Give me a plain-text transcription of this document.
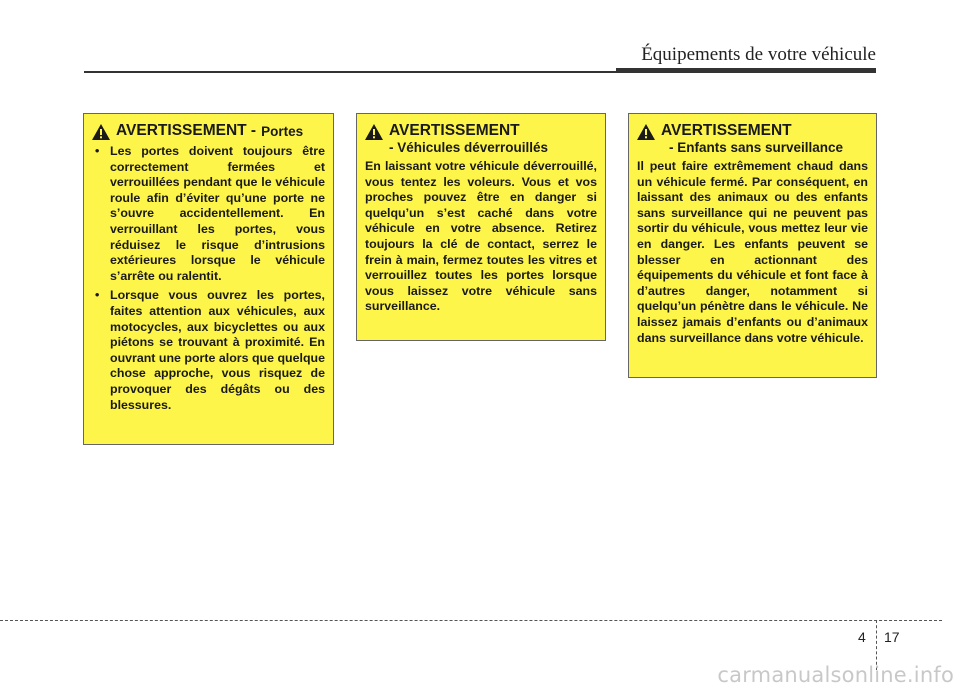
Équipements de votre véhicule
AVERTISSEMENT - Portes
• Les portes doivent toujours être correctement fermées et verrouillées pendant que le véhicule roule afin d’éviter qu’une porte ne s’ouvre accidentellement. En verrouillant les portes, vous réduisez le risque d’intrusions extérieures lorsque le véhicule s’arrête ou ralentit.
• Lorsque vous ouvrez les portes, faites attention aux véhicules, aux motocycles, aux bicyclettes ou aux piétons se trouvant à proximité. En ouvrant une porte alors que quelque chose approche, vous risquez de provoquer des dégâts ou des blessures.
AVERTISSEMENT
- Véhicules déverrouillés
En laissant votre véhicule déverrouillé, vous tentez les voleurs. Vous et vos proches pouvez être en danger si quelqu’un s’est caché dans votre véhicule en votre absence. Retirez toujours la clé de contact, serrez le frein à main, fermez toutes les vitres et verrouillez toutes les portes lorsque vous laissez votre véhicule sans surveillance.
AVERTISSEMENT
- Enfants sans surveillance
Il peut faire extrêmement chaud dans un véhicule fermé. Par conséquent, en laissant des animaux ou des enfants sans surveillance qui ne peuvent pas sortir du véhicule, vous mettez leur vie en danger. Les enfants peuvent se blesser en actionnant des équipements du véhicule et font face à d’autres danger, notamment si quelqu’un pénètre dans le véhicule. Ne laissez jamais d’enfants ou d’animaux dans surveillance dans votre véhicule.
4 17
carmanualsonline.info
